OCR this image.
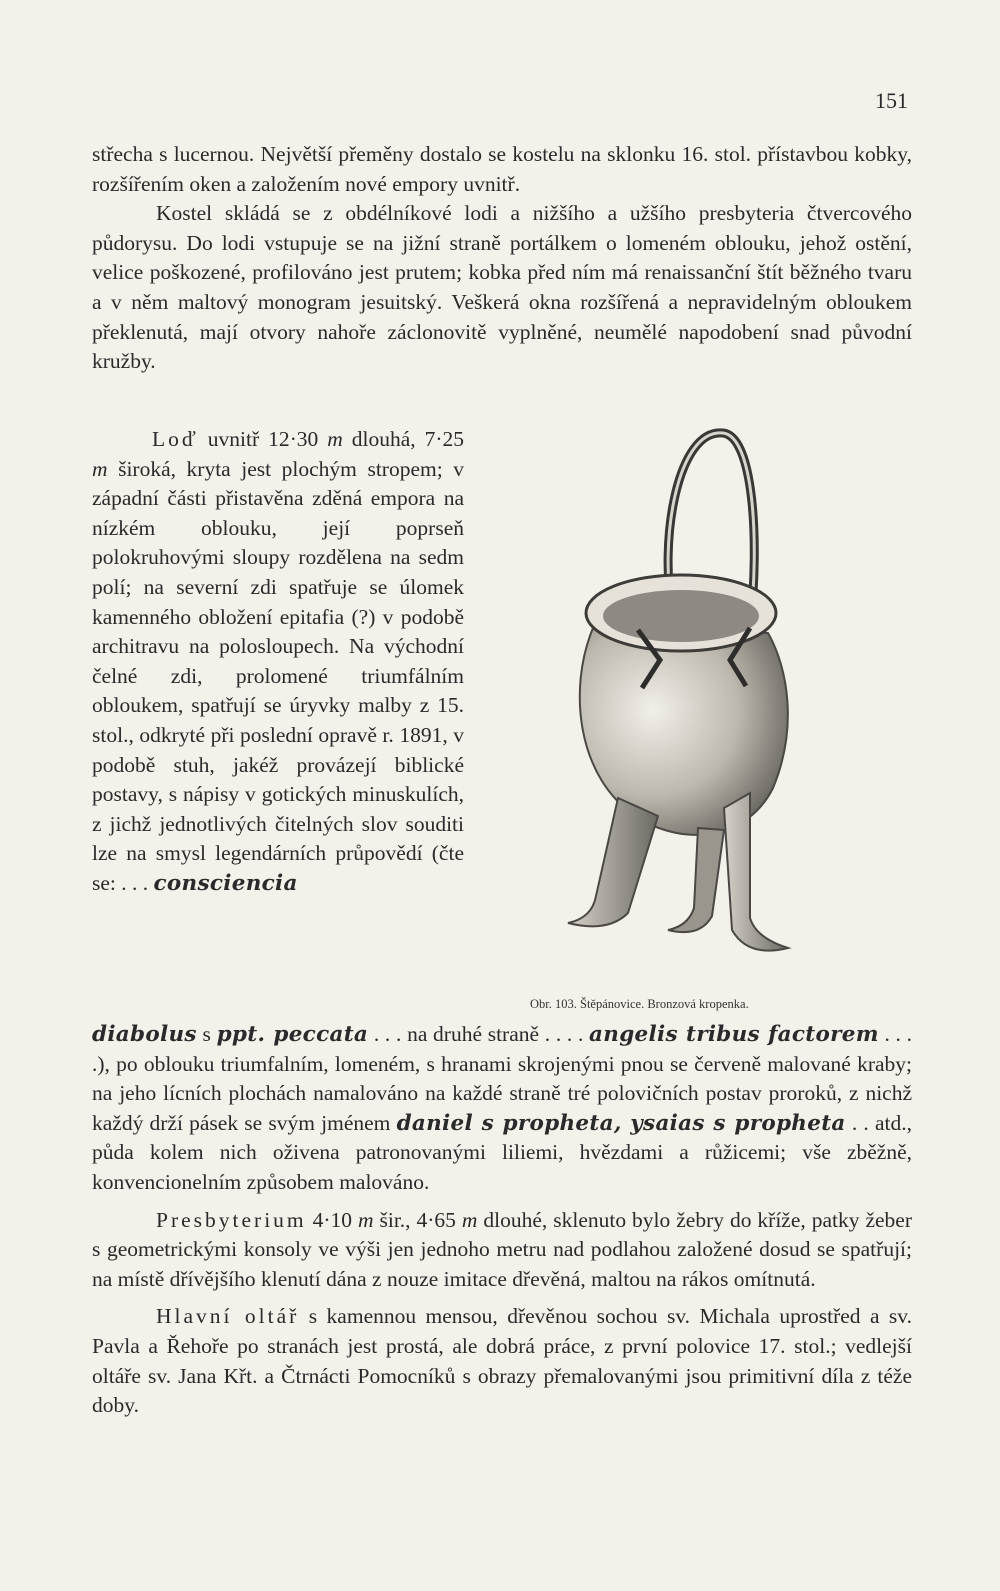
151

střecha s lucernou. Největší přeměny dostalo se kostelu na sklonku 16. stol. přístavbou kobky, rozšířením oken a založením nové empory uvnitř.

Kostel skládá se z obdélníkové lodi a nižšího a užšího presbyteria čtvercového půdorysu. Do lodi vstupuje se na jižní straně portálkem o lomeném oblouku, jehož ostění, velice poškozené, profilováno jest prutem; kobka před ním má renaissanční štít běžného tvaru a v něm maltový monogram jesuitský. Veškerá okna rozšířená a nepravidelným obloukem překlenutá, mají otvory nahoře záclonovitě vyplněné, neumělé napodobení snad původní kružby.

Loď uvnitř 12·30 m dlouhá, 7·25 m široká, kryta jest plochým stropem; v západní části přistavěna zděná empora na nízkém oblouku, její poprseň polokruhovými sloupy rozdělena na sedm polí; na severní zdi spatřuje se úlomek kamenného obložení epitafia (?) v podobě architravu na polosloupech. Na východní čelné zdi, prolomené triumfálním obloukem, spatřují se úryvky malby z 15. stol., odkryté při poslední opravě r. 1891, v podobě stuh, jakéž provázejí biblické postavy, s nápisy v gotických minuskulích, z jichž jednotlivých čitelných slov souditi lze na smysl legendárních průpovědí (čte se: . . . consciencia

Obr. 103. Štěpánovice. Bronzová kropenka.

diabolus s ppt. peccata . . . na druhé straně . . . . angelis tribus factorem . . . .), po oblouku triumfalním, lomeném, s hranami skrojenými pnou se červeně malované kraby; na jeho lícních plochách namalováno na každé straně tré polovičních postav proroků, z nichž každý drží pásek se svým jménem daniel s propheta, ysaias s propheta . . atd., půda kolem nich oživena patronovanými liliemi, hvězdami a růžicemi; vše zběžně, konvencionelním způsobem malováno.

Presbyterium 4·10 m šir., 4·65 m dlouhé, sklenuto bylo žebry do kříže, patky žeber s geometrickými konsoly ve výši jen jednoho metru nad podlahou založené dosud se spatřují; na místě dřívějšího klenutí dána z nouze imitace dřevěná, maltou na rákos omítnutá.

Hlavní oltář s kamennou mensou, dřevěnou sochou sv. Michala uprostřed a sv. Pavla a Řehoře po stranách jest prostá, ale dobrá práce, z první polovice 17. stol.; vedlejší oltáře sv. Jana Křt. a Čtrnácti Pomocníků s obrazy přemalovanými jsou primitivní díla z téže doby.
